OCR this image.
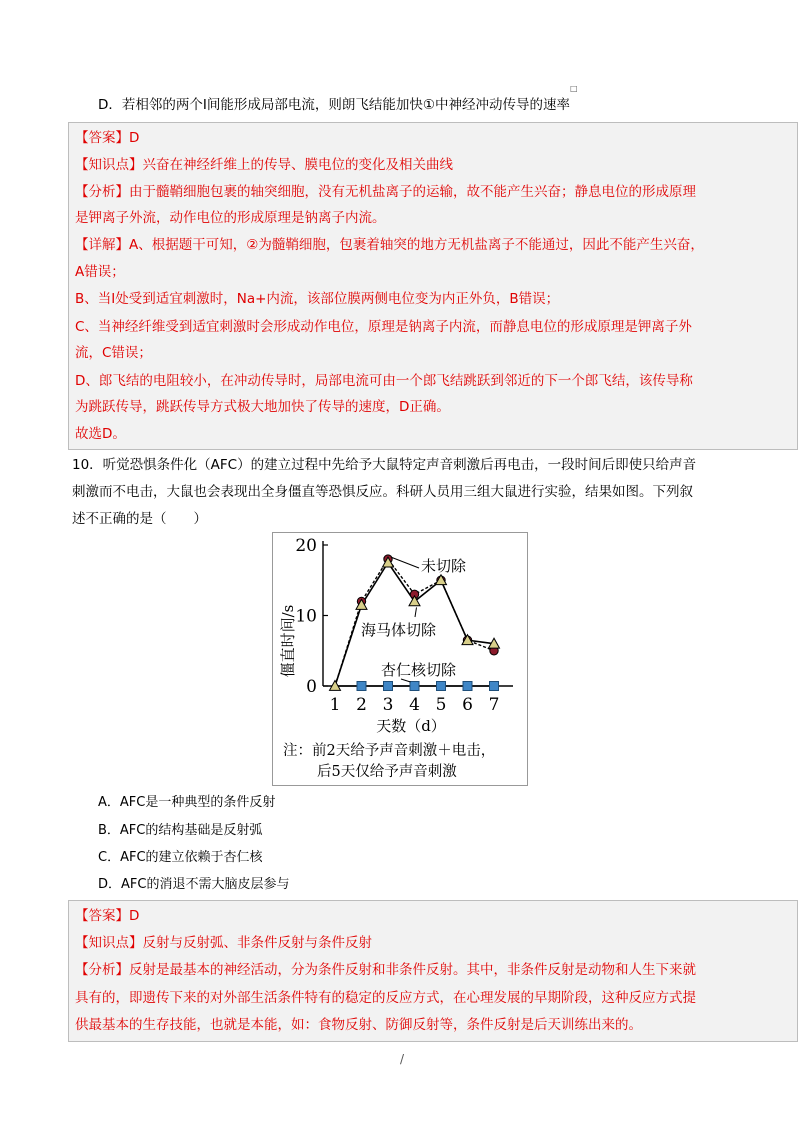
□
D．若相邻的两个Ⅰ间能形成局部电流，则朗飞结能加快①中神经冲动传导的速率
【答案】D
【知识点】兴奋在神经纤维上的传导、膜电位的变化及相关曲线
【分析】由于髓鞘细胞包裹的轴突细胞，没有无机盐离子的运输，故不能产生兴奋；静息电位的形成原理
是钾离子外流，动作电位的形成原理是钠离子内流。
【详解】A、根据题干可知，②为髓鞘细胞，包裹着轴突的地方无机盐离子不能通过，因此不能产生兴奋，
A错误；
B、当Ⅰ处受到适宜刺激时，Na+内流，该部位膜两侧电位变为内正外负，B错误；
C、当神经纤维受到适宜刺激时会形成动作电位，原理是钠离子内流，而静息电位的形成原理是钾离子外
流，C错误；
D、郎飞结的电阻较小，在冲动传导时，局部电流可由一个郎飞结跳跃到邻近的下一个郎飞结，该传导称
为跳跃传导，跳跃传导方式极大地加快了传导的速度，D正确。
故选D。
10．听觉恐惧条件化（AFC）的建立过程中先给予大鼠特定声音刺激后再电击，一段时间后即使只给声音
刺激而不电击，大鼠也会表现出全身僵直等恐惧反应。科研人员用三组大鼠进行实验，结果如图。下列叙
述不正确的是（　　）
0
10
20
1 2 3 4 5 6 7
僵直时间/s
天数（d）
未切除
海马体切除
杏仁核切除
注：前2天给予声音刺激＋电击，
后5天仅给予声音刺激
A．AFC是一种典型的条件反射
B．AFC的结构基础是反射弧
C．AFC的建立依赖于杏仁核
D．AFC的消退不需大脑皮层参与
【答案】D
【知识点】反射与反射弧、非条件反射与条件反射
【分析】反射是最基本的神经活动，分为条件反射和非条件反射。其中，非条件反射是动物和人生下来就
具有的，即遗传下来的对外部生活条件特有的稳定的反应方式，在心理发展的早期阶段，这种反应方式提
供最基本的生存技能，也就是本能，如：食物反射、防御反射等，条件反射是后天训练出来的。
/
